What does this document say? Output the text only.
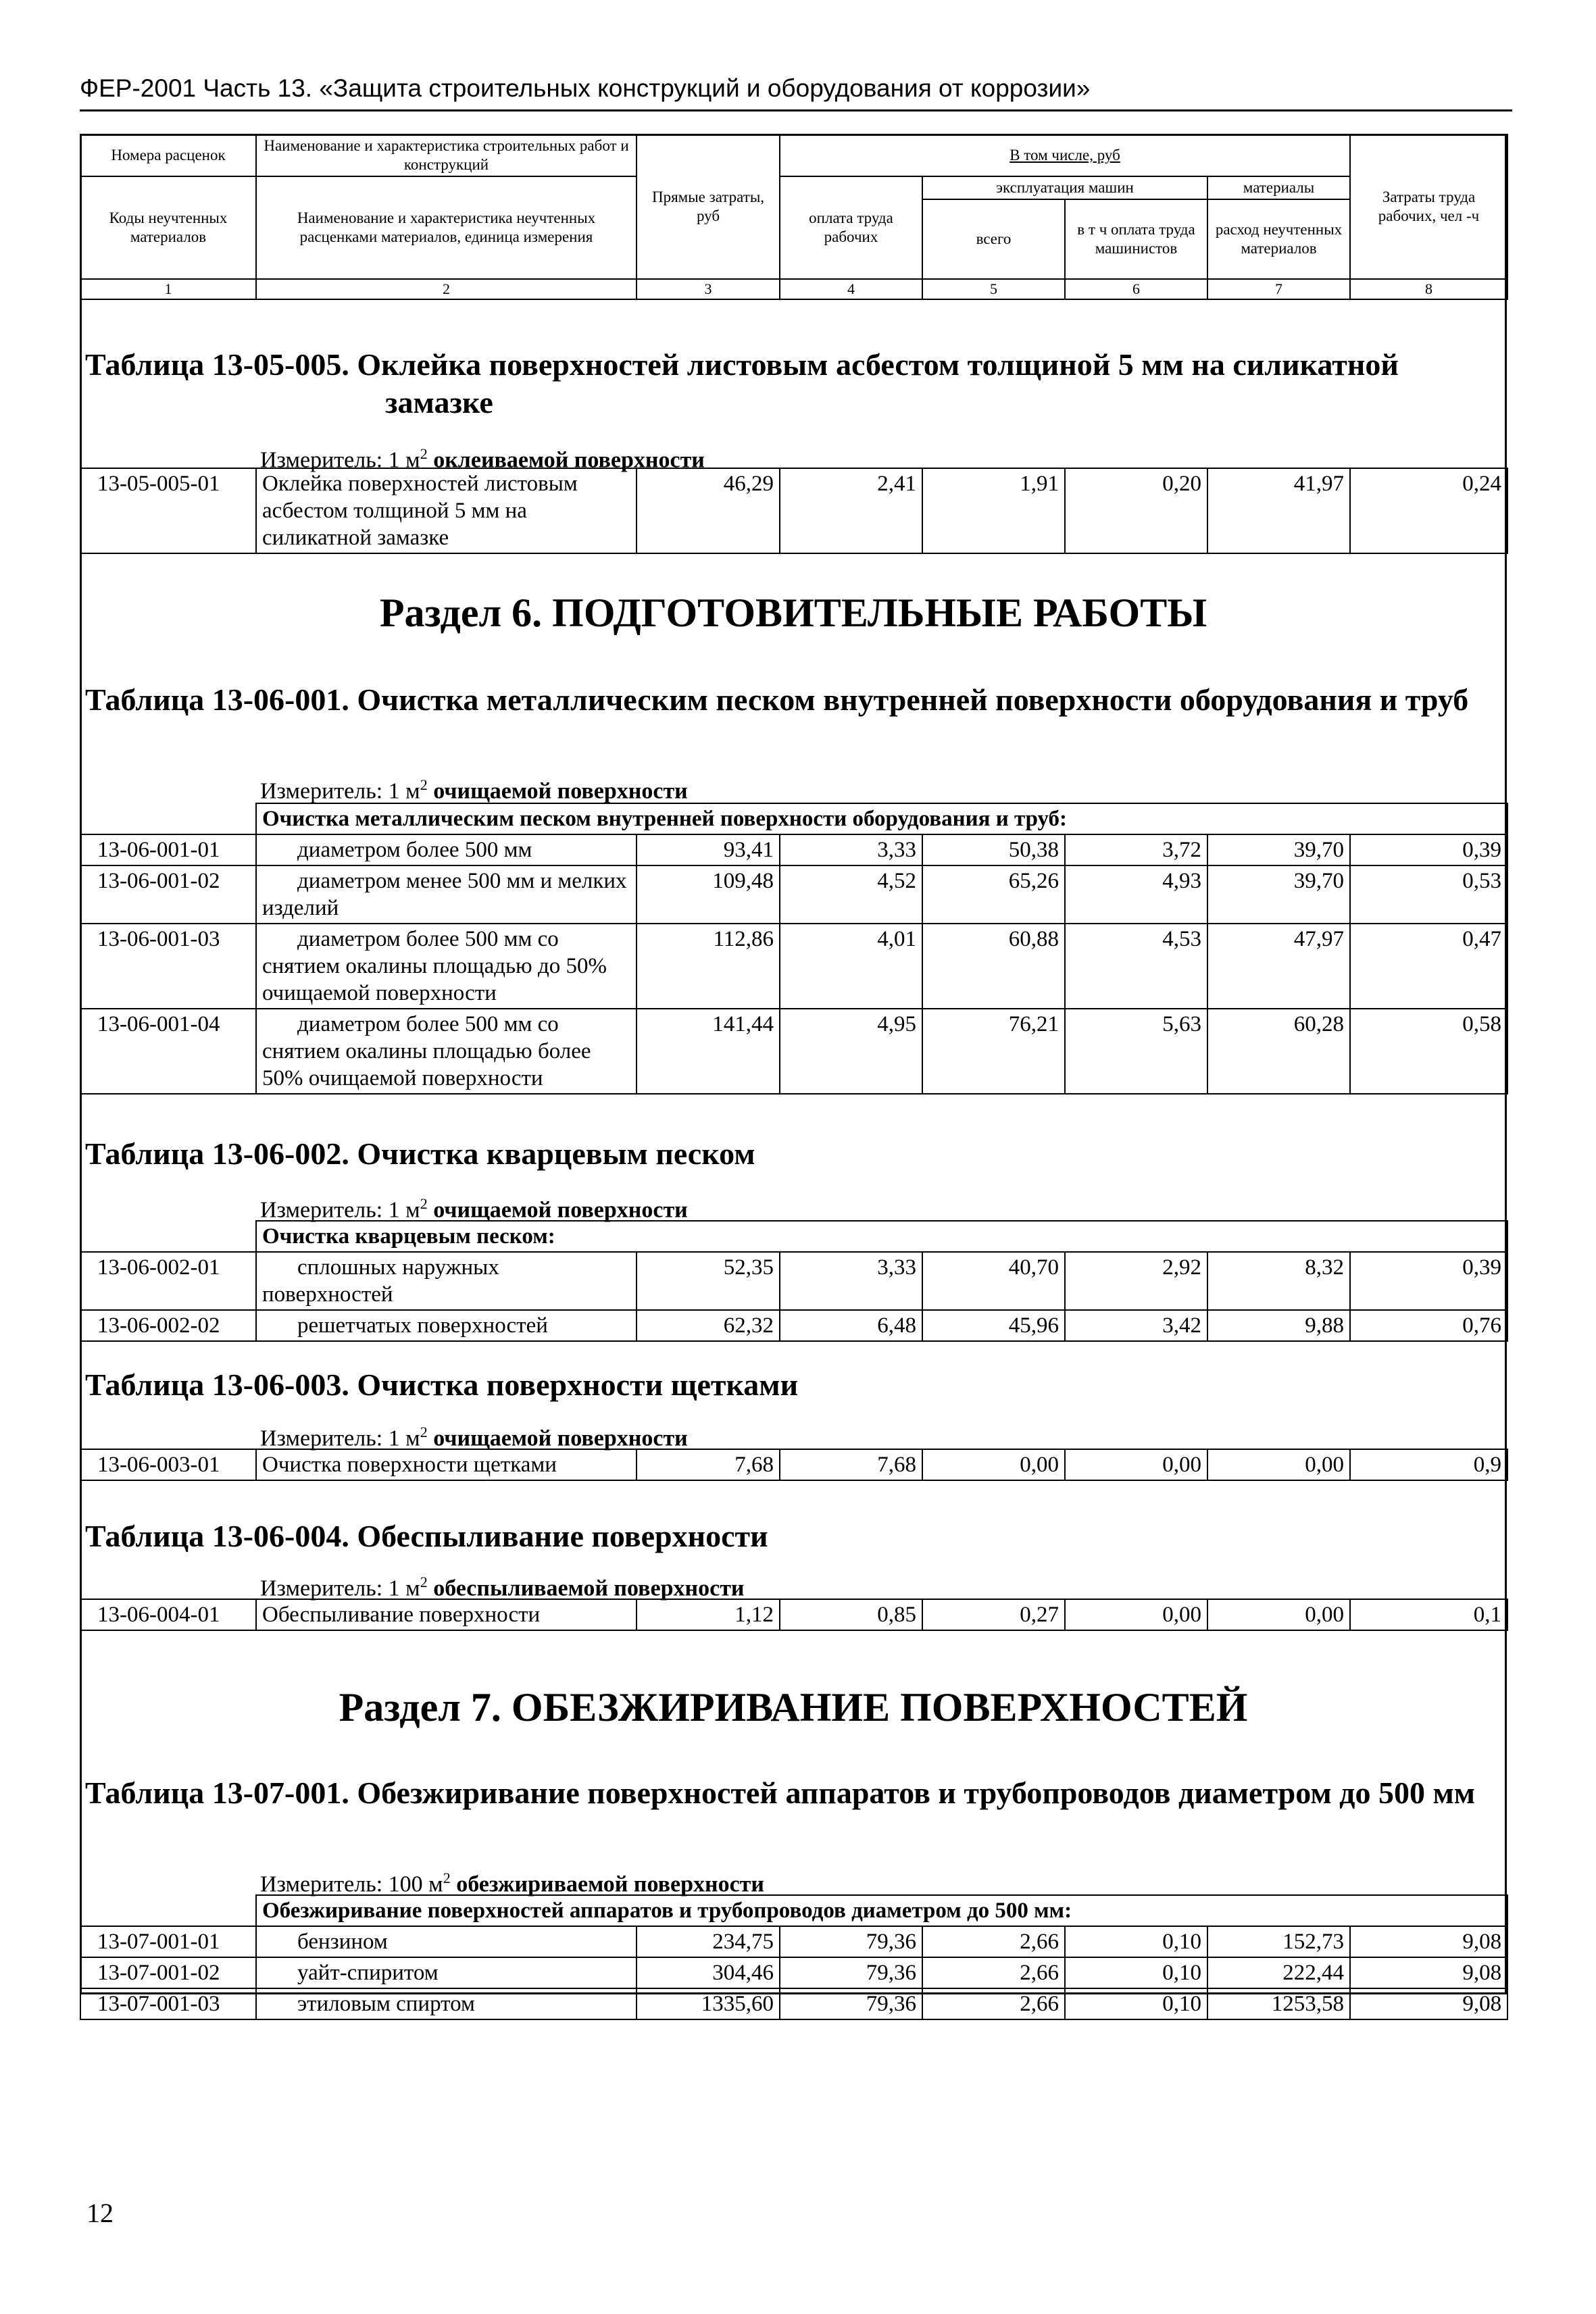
ФЕР-2001 Часть 13. «Защита строительных конструкций и оборудования от коррозии»
Номера расценок	Наименование и характеристика строительных работ и конструкций	Прямые затраты, руб	В том числе, руб				Затраты труда рабочих, чел -ч
Коды неучтенных материалов	Наименование и характеристика неучтенных расценками материалов, единица измерения		оплата труда рабочих	эксплуатация машин		материалы	
				всего	в т ч оплата труда машинистов	расход неучтенных материалов	
1	2	3	4	5	6	7	8
Таблица 13-05-005. Оклейка поверхностей листовым асбестом толщиной 5 мм на силикатной замазке
Измеритель: 1 $м^2$ оклеиваемой поверхности
13-05-005-01	Оклейка поверхностей листовым асбестом толщиной 5 мм на силикатной замазке	46,29	2,41	1,91	0,20	41,97	0,24
Раздел 6. ПОДГОТОВИТЕЛЬНЫЕ РАБОТЫ
Таблица 13-06-001. Очистка металлическим песком внутренней поверхности оборудования и труб
Измеритель: 1 $м^2$ очищаемой поверхности
	Очистка металлическим песком внутренней поверхности оборудования и труб:						
13-06-001-01	диаметром более 500 мм	93,41	3,33	50,38	3,72	39,70	0,39
13-06-001-02	диаметром менее 500 мм и мелких изделий	109,48	4,52	65,26	4,93	39,70	0,53
13-06-001-03	диаметром более 500 мм со снятием окалины площадью до 50% очищаемой поверхности	112,86	4,01	60,88	4,53	47,97	0,47
13-06-001-04	диаметром более 500 мм со снятием окалины площадью более 50% очищаемой поверхности	141,44	4,95	76,21	5,63	60,28	0,58
Таблица 13-06-002. Очистка кварцевым песком
Измеритель: 1 $м^2$ очищаемой поверхности
	Очистка кварцевым песком:						
13-06-002-01	сплошных наружных поверхностей	52,35	3,33	40,70	2,92	8,32	0,39
13-06-002-02	решетчатых поверхностей	62,32	6,48	45,96	3,42	9,88	0,76
Таблица 13-06-003. Очистка поверхности щетками
Измеритель: 1 $м^2$ очищаемой поверхности
13-06-003-01	Очистка поверхности щетками	7,68	7,68	0,00	0,00	0,00	0,9
Таблица 13-06-004. Обеспыливание поверхности
Измеритель: 1 $м^2$ обеспыливаемой поверхности
13-06-004-01	Обеспыливание поверхности	1,12	0,85	0,27	0,00	0,00	0,1
Раздел 7. ОБЕЗЖИРИВАНИЕ ПОВЕРХНОСТЕЙ
Таблица 13-07-001. Обезжиривание поверхностей аппаратов и трубопроводов диаметром до 500 мм
Измеритель: 100 $м^2$ обезжириваемой поверхности
	Обезжиривание поверхностей аппаратов и трубопроводов диаметром до 500 мм:						
13-07-001-01	бензином	234,75	79,36	2,66	0,10	152,73	9,08
13-07-001-02	уайт-спиритом	304,46	79,36	2,66	0,10	222,44	9,08
13-07-001-03	этиловым спиртом	1335,60	79,36	2,66	0,10	1253,58	9,08
12
